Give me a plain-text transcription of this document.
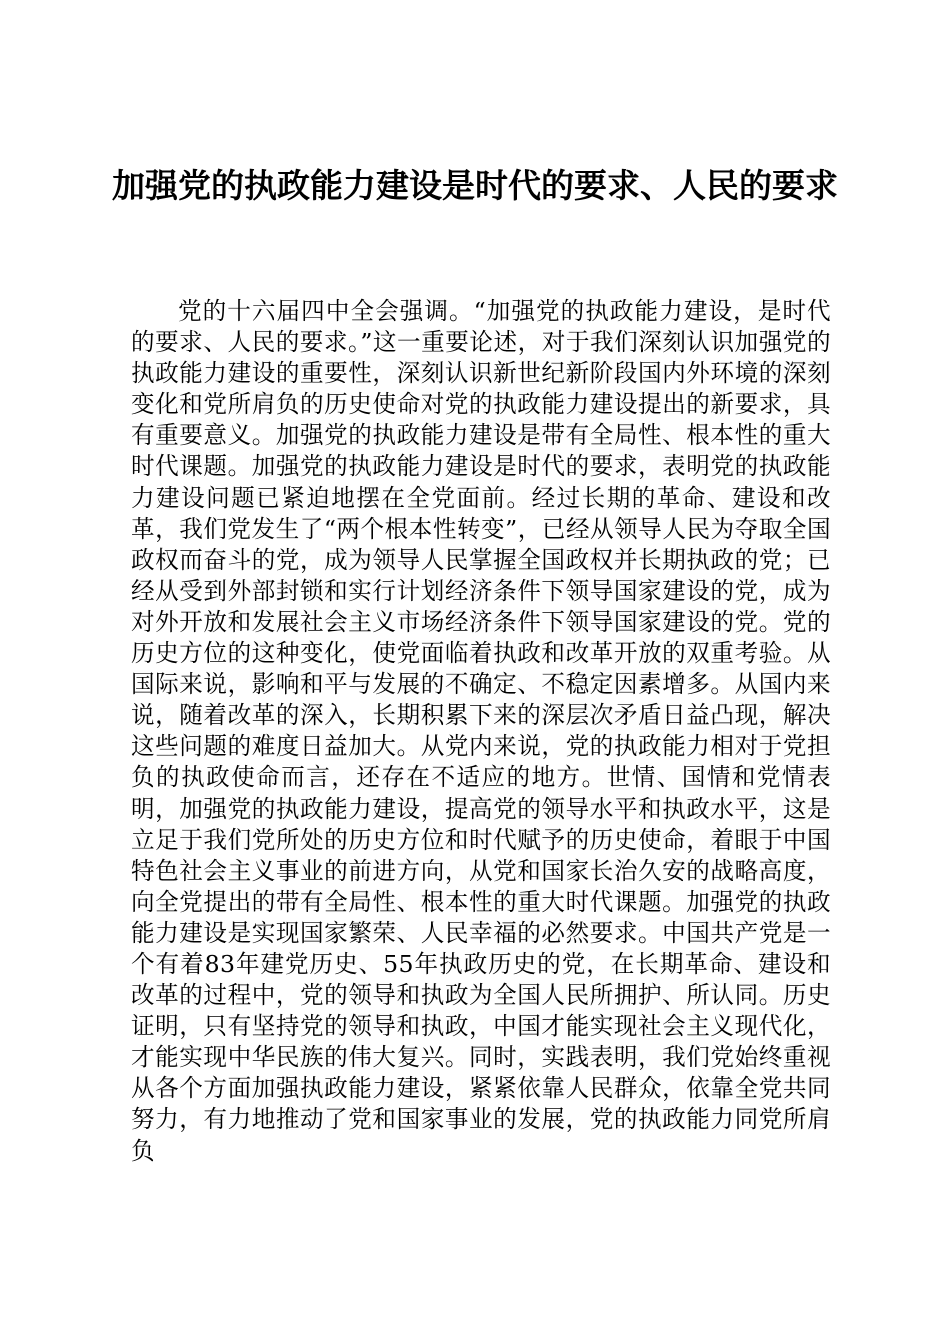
加强党的执政能力建设是时代的要求、人民的要求

党的十六届四中全会强调。“加强党的执政能力建设，是时代的要求、人民的要求。”这一重要论述，对于我们深刻认识加强党的执政能力建设的重要性，深刻认识新世纪新阶段国内外环境的深刻变化和党所肩负的历史使命对党的执政能力建设提出的新要求，具有重要意义。加强党的执政能力建设是带有全局性、根本性的重大时代课题。加强党的执政能力建设是时代的要求，表明党的执政能力建设问题已紧迫地摆在全党面前。经过长期的革命、建设和改革，我们党发生了“两个根本性转变”，已经从领导人民为夺取全国政权而奋斗的党，成为领导人民掌握全国政权并长期执政的党；已经从受到外部封锁和实行计划经济条件下领导国家建设的党，成为对外开放和发展社会主义市场经济条件下领导国家建设的党。党的历史方位的这种变化，使党面临着执政和改革开放的双重考验。从国际来说，影响和平与发展的不确定、不稳定因素增多。从国内来说，随着改革的深入，长期积累下来的深层次矛盾日益凸现，解决这些问题的难度日益加大。从党内来说，党的执政能力相对于党担负的执政使命而言，还存在不适应的地方。世情、国情和党情表明，加强党的执政能力建设，提高党的领导水平和执政水平，这是立足于我们党所处的历史方位和时代赋予的历史使命，着眼于中国特色社会主义事业的前进方向，从党和国家长治久安的战略高度，向全党提出的带有全局性、根本性的重大时代课题。加强党的执政能力建设是实现国家繁荣、人民幸福的必然要求。中国共产党是一个有着83年建党历史、55年执政历史的党，在长期革命、建设和改革的过程中，党的领导和执政为全国人民所拥护、所认同。历史证明，只有坚持党的领导和执政，中国才能实现社会主义现代化，才能实现中华民族的伟大复兴。同时，实践表明，我们党始终重视从各个方面加强执政能力建设，紧紧依靠人民群众，依靠全党共同努力，有力地推动了党和国家事业的发展，党的执政能力同党所肩负
